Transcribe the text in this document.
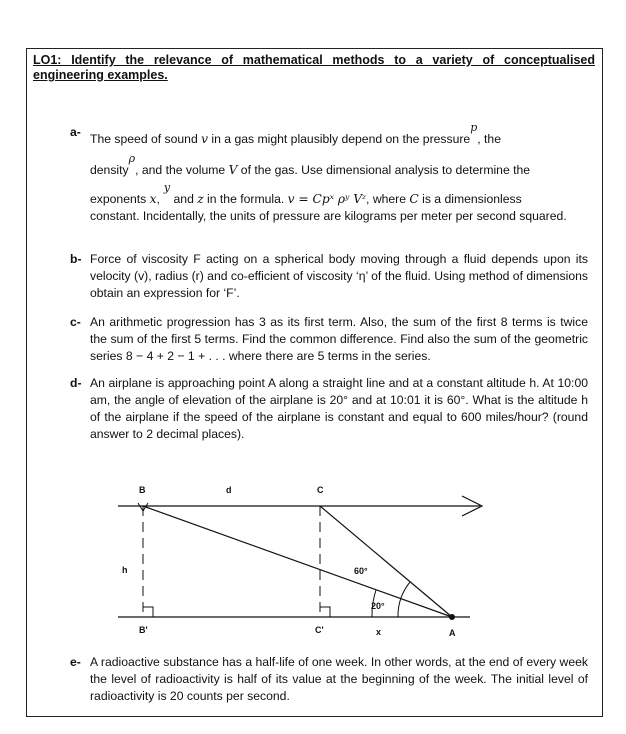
LO1: Identify the relevance of mathematical methods to a variety of conceptualised engineering examples.
a- The speed of sound v in a gas might plausibly depend on the pressurep, the
densityρ, and the volume V of the gas. Use dimensional analysis to determine the
exponents x,y and z in the formula. v = Cpˣ ρʸ Vᶻ, where C is a dimensionless
constant. Incidentally, the units of pressure are kilograms per meter per second squared.
b- Force of viscosity F acting on a spherical body moving through a fluid depends upon its velocity (v), radius (r) and co-efficient of viscosity ‘η’ of the fluid. Using method of dimensions obtain an expression for ‘F’.
c- An arithmetic progression has 3 as its first term. Also, the sum of the first 8 terms is twice the sum of the first 5 terms. Find the common difference. Find also the sum of the geometric series 8 − 4 + 2 − 1 + . . . where there are 5 terms in the series.
d- An airplane is approaching point A along a straight line and at a constant altitude h. At 10:00 am, the angle of elevation of the airplane is 20° and at 10:01 it is 60°. What is the altitude h of the airplane if the speed of the airplane is constant and equal to 600 miles/hour? (round answer to 2 decimal places).
B	d	C
h	60°
20°
B'	C'	x	A
e- A radioactive substance has a half-life of one week. In other words, at the end of every week the level of radioactivity is half of its value at the beginning of the week. The initial level of radioactivity is 20 counts per second.
